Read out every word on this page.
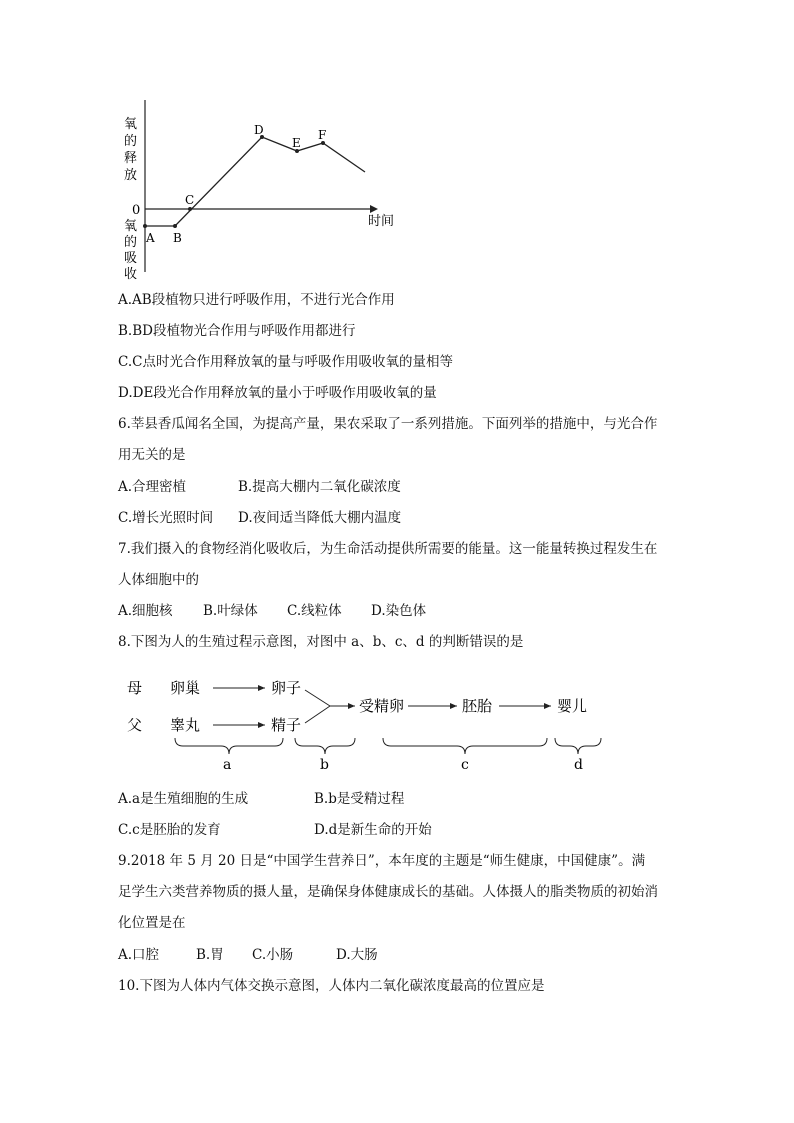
氧
的
释
放
0
氧
的
吸
收
时间
A B
C
D
E
F
A.AB段植物只进行呼吸作用，不进行光合作用
B.BD段植物光合作用与呼吸作用都进行
C.C点时光合作用释放氧的量与呼吸作用吸收氧的量相等
D.DE段光合作用释放氧的量小于呼吸作用吸收氧的量
6.莘县香瓜闻名全国，为提高产量，果农采取了一系列措施。下面列举的措施中，与光合作
用无关的是
A.合理密植	B.提高大棚内二氧化碳浓度
C.增长光照时间 D.夜间适当降低大棚内温度
7.我们摄入的食物经消化吸收后，为生命活动提供所需要的能量。这一能量转换过程发生在
人体细胞中的
A.细胞核 B.叶绿体 C.线粒体 D.染色体
8.下图为人的生殖过程示意图，对图中 a、b、c、d 的判断错误的是
母
父
卵巢
睾丸
卵子
精子
受精卵	胚胎	婴儿
a	b	c	d
A.a是生殖细胞的生成	B.b是受精过程
C.c是胚胎的发育	D.d是新生命的开始
9.2018 年 5 月 20 日是“中国学生营养日”，本年度的主题是“师生健康，中国健康”。满
足学生六类营养物质的摄人量，是确保身体健康成长的基础。人体摄人的脂类物质的初始消
化位置是在
A.口腔	B.胃 C.小肠	D.大肠
10.下图为人体内气体交换示意图，人体内二氧化碳浓度最高的位置应是
